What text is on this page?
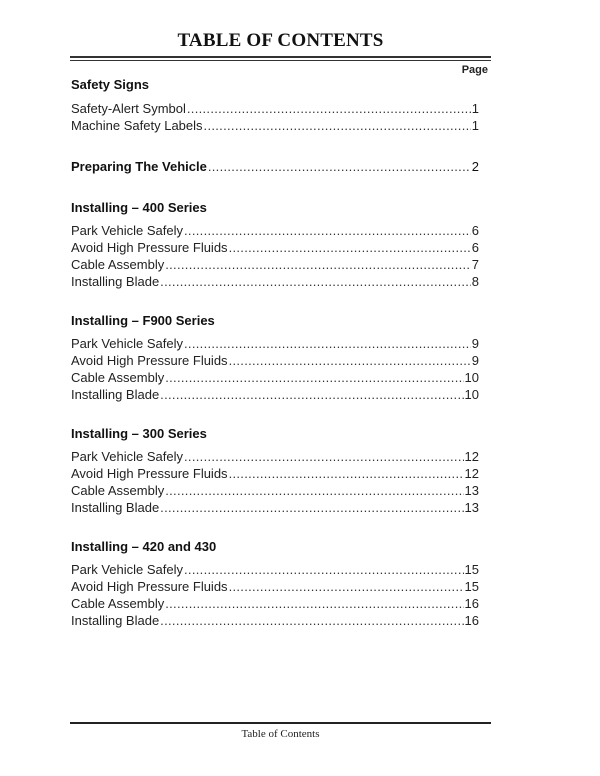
TABLE OF CONTENTS
Page
Safety Signs
Safety-Alert Symbol .....	1
Machine Safety Labels .....	1
Preparing The Vehicle .....	2
Installing – 400 Series
Park Vehicle Safely .....	6
Avoid High Pressure Fluids .....	6
Cable Assembly .....	7
Installing Blade .....	8
Installing – F900 Series
Park Vehicle Safely .....	9
Avoid High Pressure Fluids .....	9
Cable Assembly .....	10
Installing Blade .....	10
Installing – 300 Series
Park Vehicle Safely .....	12
Avoid High Pressure Fluids .....	12
Cable Assembly .....	13
Installing Blade .....	13
Installing – 420 and 430
Park Vehicle Safely .....	15
Avoid High Pressure Fluids .....	15
Cable Assembly .....	16
Installing Blade .....	16
Table of Contents
